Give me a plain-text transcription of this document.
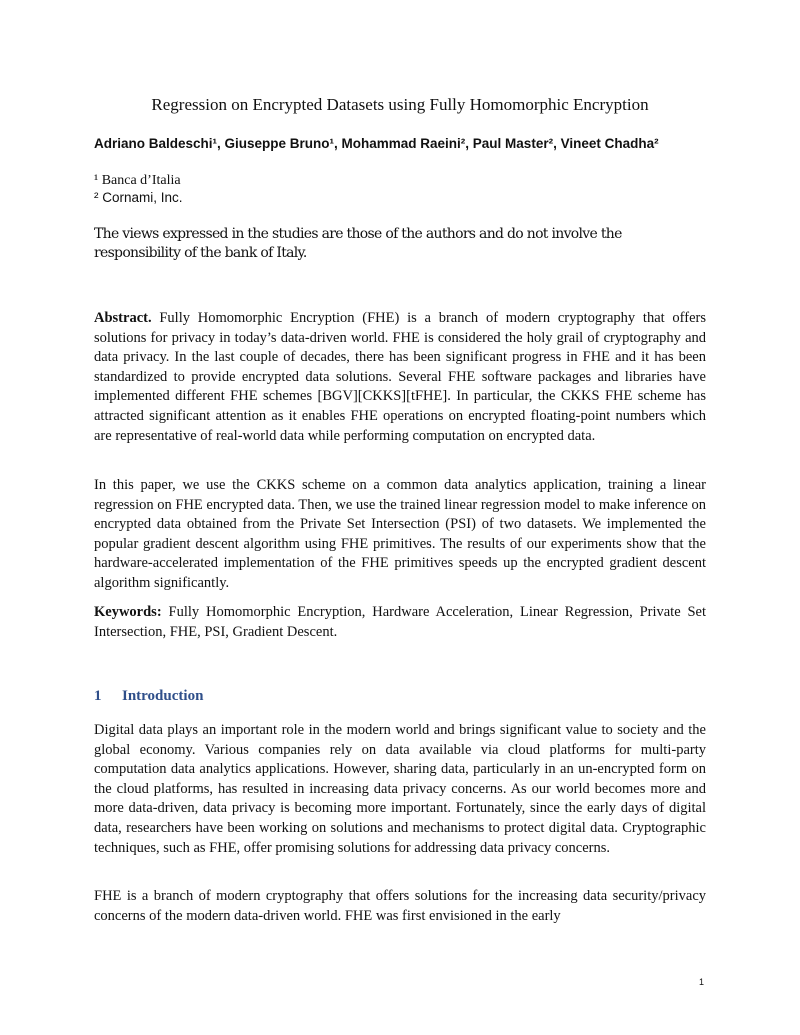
Regression on Encrypted Datasets using Fully Homomorphic Encryption
Adriano Baldeschi¹, Giuseppe Bruno¹, Mohammad Raeini², Paul Master², Vineet Chadha²
¹ Banca d’Italia
² Cornami, Inc.
The views expressed in the studies are those of the authors and do not involve the responsibility of the bank of Italy.
Abstract. Fully Homomorphic Encryption (FHE) is a branch of modern cryptography that offers solutions for privacy in today’s data-driven world. FHE is considered the holy grail of cryptography and data privacy. In the last couple of decades, there has been significant progress in FHE and it has been standardized to provide encrypted data solutions. Several FHE software packages and libraries have implemented different FHE schemes [BGV][CKKS][tFHE]. In particular, the CKKS FHE scheme has attracted significant attention as it enables FHE operations on encrypted floating-point numbers which are representative of real-world data while performing computation on encrypted data.
In this paper, we use the CKKS scheme on a common data analytics application, training a linear regression on FHE encrypted data. Then, we use the trained linear regression model to make inference on encrypted data obtained from the Private Set Intersection (PSI) of two datasets. We implemented the popular gradient descent algorithm using FHE primitives. The results of our experiments show that the hardware-accelerated implementation of the FHE primitives speeds up the encrypted gradient descent algorithm significantly.
Keywords: Fully Homomorphic Encryption, Hardware Acceleration, Linear Regression, Private Set Intersection, FHE, PSI, Gradient Descent.
1 Introduction
Digital data plays an important role in the modern world and brings significant value to society and the global economy. Various companies rely on data available via cloud platforms for multi-party computation data analytics applications. However, sharing data, particularly in an un-encrypted form on the cloud platforms, has resulted in increasing data privacy concerns. As our world becomes more and more data-driven, data privacy is becoming more important. Fortunately, since the early days of digital data, researchers have been working on solutions and mechanisms to protect digital data. Cryptographic techniques, such as FHE, offer promising solutions for addressing data privacy concerns.
FHE is a branch of modern cryptography that offers solutions for the increasing data security/privacy concerns of the modern data-driven world. FHE was first envisioned in the early
1
